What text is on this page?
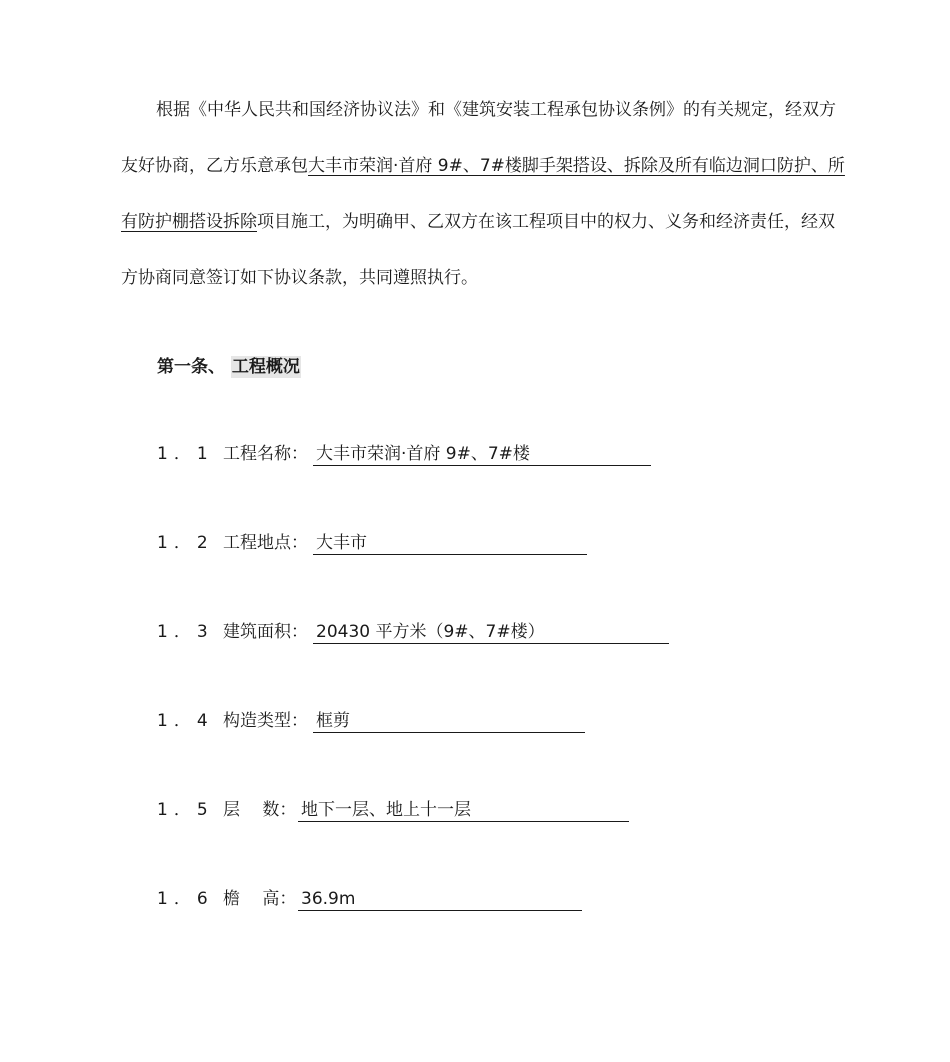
根据《中华人民共和国经济协议法》和《建筑安装工程承包协议条例》的有关规定，经双方友好协商，乙方乐意承包大丰市荣润·首府 9#、7#楼脚手架搭设、拆除及所有临边洞口防护、所有防护棚搭设拆除项目施工，为明确甲、乙双方在该工程项目中的权力、义务和经济责任，经双方协商同意签订如下协议条款，共同遵照执行。

第一条、 工程概况

1．1 工程名称： 大丰市荣润·首府 9#、7#楼
1．2 工程地点： 大丰市
1．3 建筑面积： 20430 平方米（9#、7#楼）
1．4 构造类型： 框剪
1．5 层　 数： 地下一层、地上十一层
1．6 檐　 高： 36.9m
